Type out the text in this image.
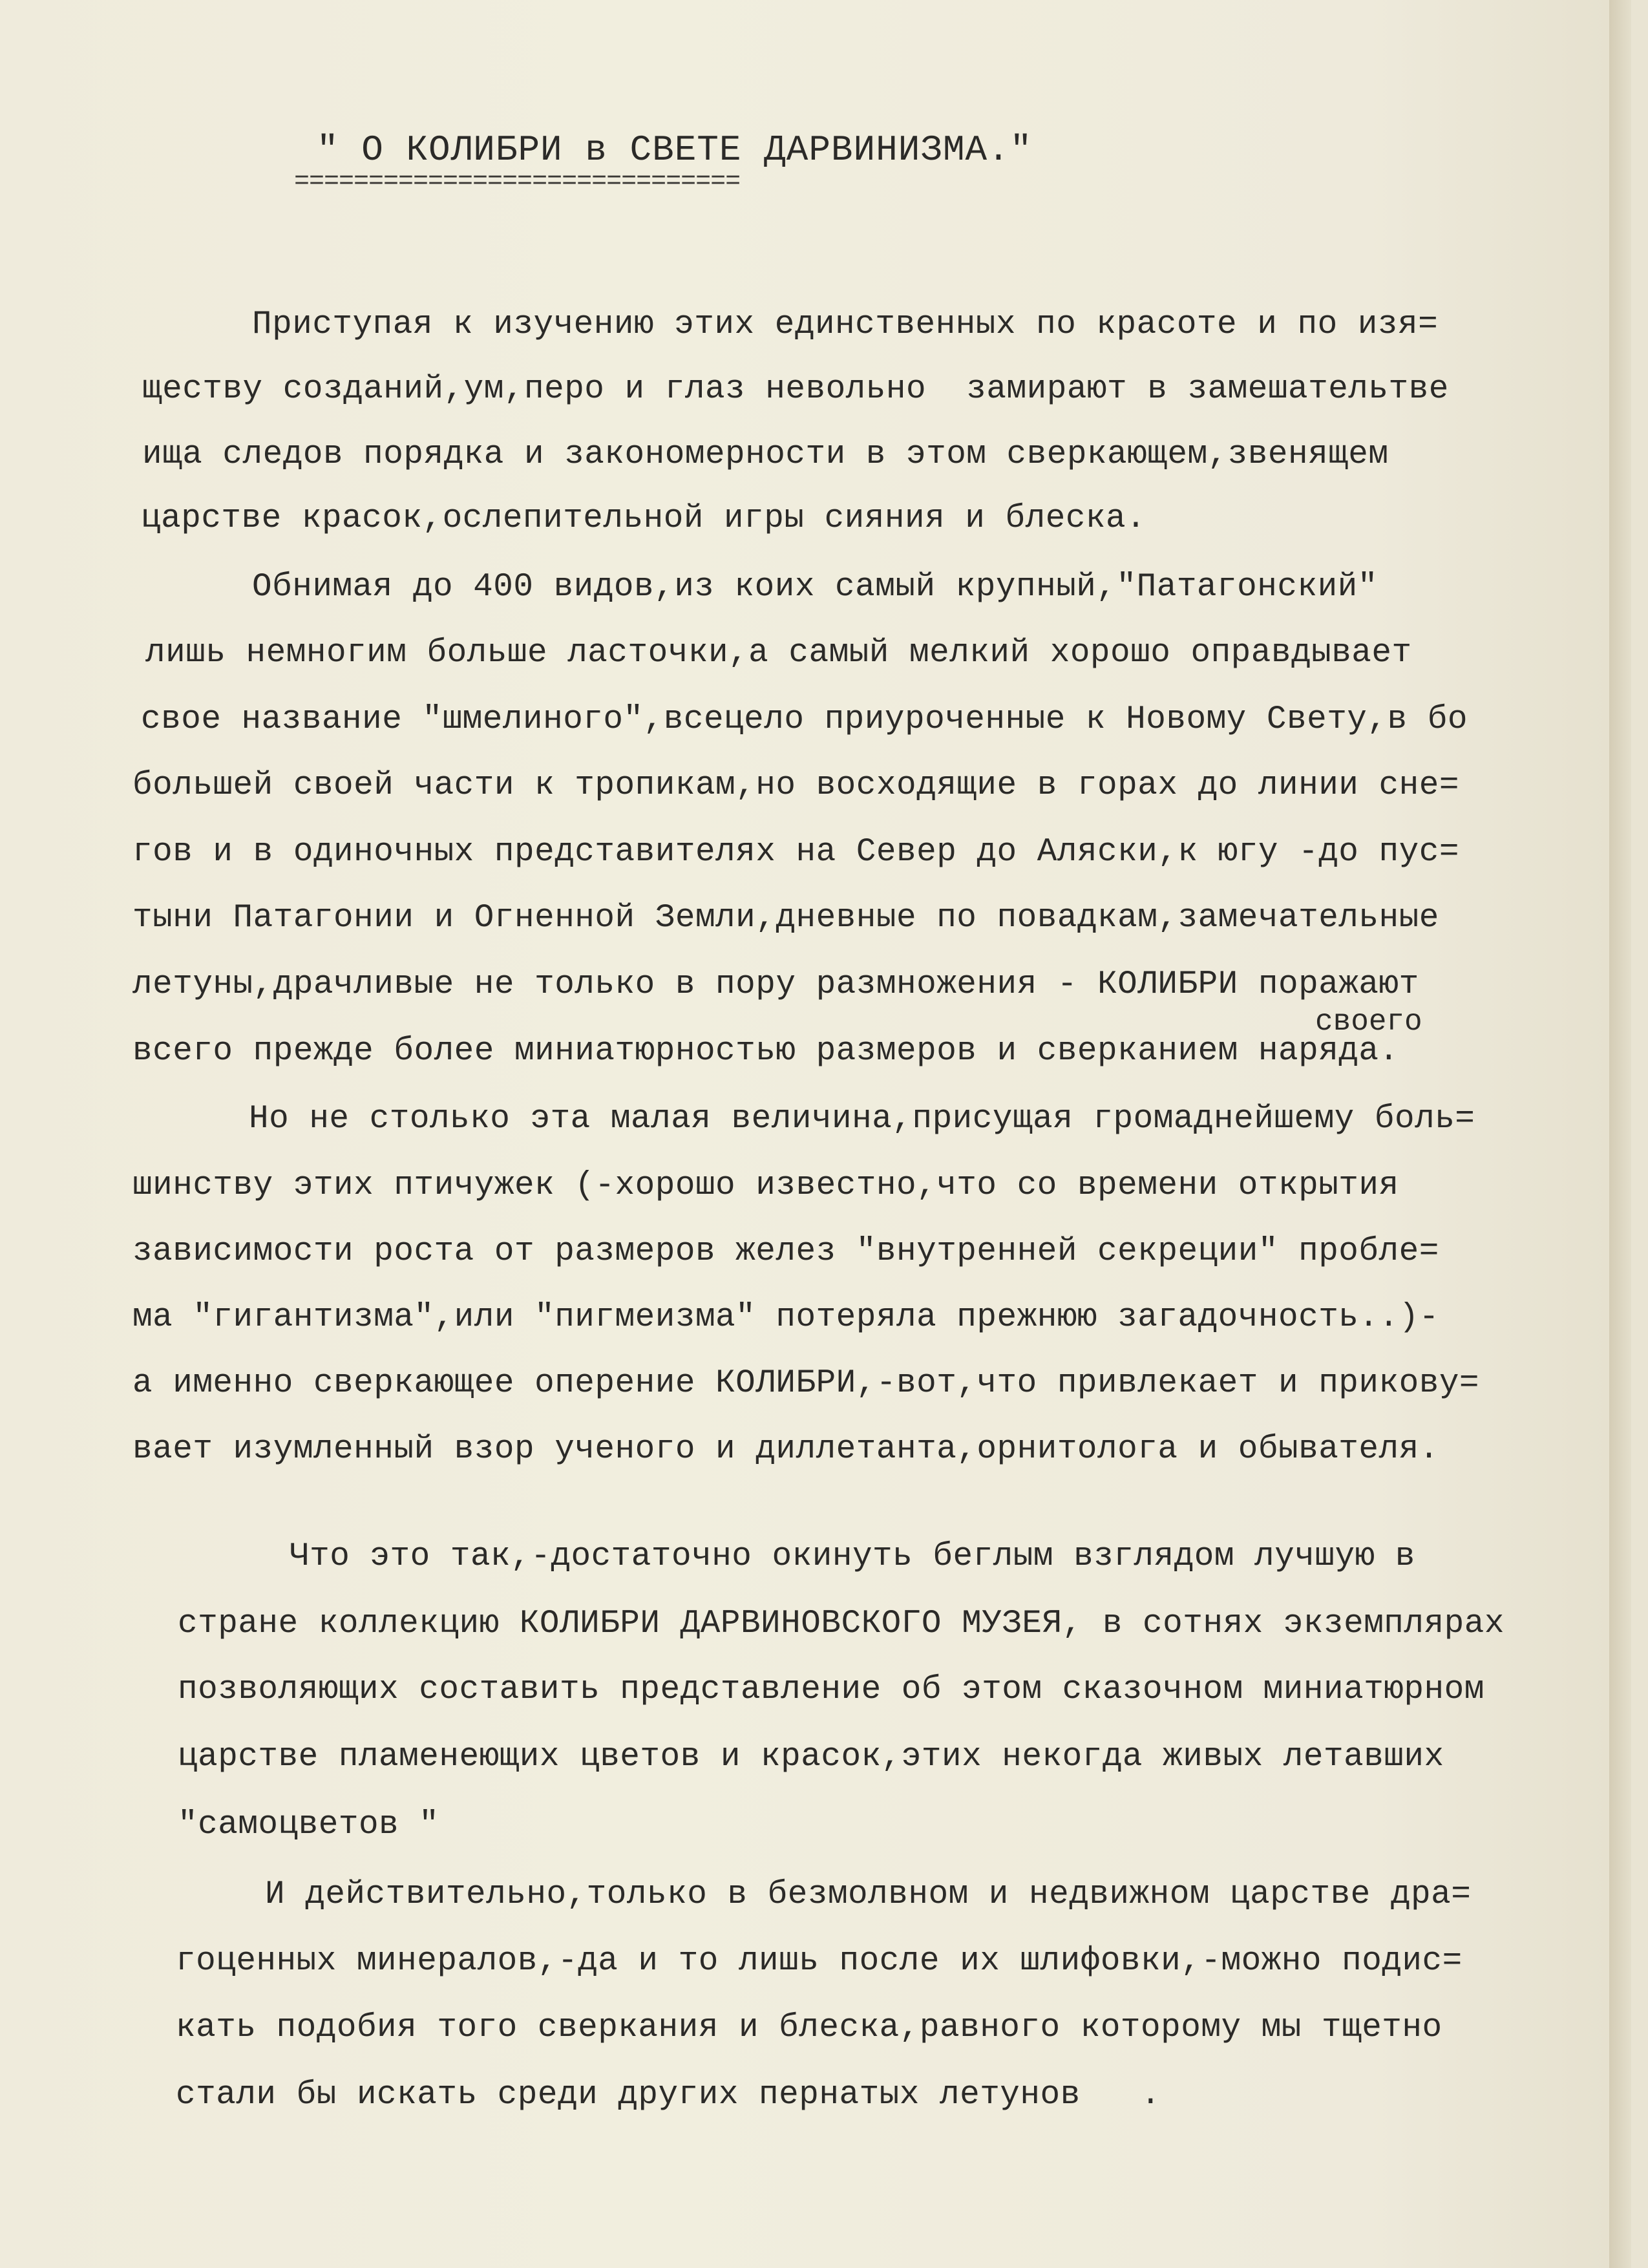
" О КОЛИБРИ в СВЕТЕ ДАРВИНИЗМА."
==============================
Приступая к изучению этих единственных по красоте и по изя=
ществу созданий,ум,перо и глаз невольно  замирают в замешательтве
ища следов порядка и закономерности в этом сверкающем,звенящем
царстве красок,ослепительной игры сияния и блеска.
Обнимая до 400 видов,из коих самый крупный,"Патагонский"
лишь немногим больше ласточки,а самый мелкий хорошо оправдывает
свое название "шмелиного",всецело приуроченные к Новому Свету,в бо
большей своей части к тропикам,но восходящие в горах до линии сне=
гов и в одиночных представителях на Север до Аляски,к югу -до пус=
тыни Патагонии и Огненной Земли,дневные по повадкам,замечательные
летуны,драчливые не только в пору размножения - КОЛИБРИ поражают
своего
всего прежде более миниатюрностью размеров и сверканием наряда.
Но не столько эта малая величина,присущая громаднейшему боль=
шинству этих птичужек (-хорошо известно,что со времени открытия
зависимости роста от размеров желез "внутренней секреции" пробле=
ма "гигантизма",или "пигмеизма" потеряла прежнюю загадочность..)-
а именно сверкающее оперение КОЛИБРИ,-вот,что привлекает и прикову=
вает изумленный взор ученого и диллетанта,орнитолога и обывателя.
Что это так,-достаточно окинуть беглым взглядом лучшую в
стране коллекцию КОЛИБРИ ДАРВИНОВСКОГО МУЗЕЯ, в сотнях экземплярах
позволяющих составить представление об этом сказочном миниатюрном
царстве пламенеющих цветов и красок,этих некогда живых летавших
"самоцветов "
И действительно,только в безмолвном и недвижном царстве дра=
гоценных минералов,-да и то лишь после их шлифовки,-можно подис=
кать подобия того сверкания и блеска,равного которому мы тщетно
стали бы искать среди других пернатых летунов   .
